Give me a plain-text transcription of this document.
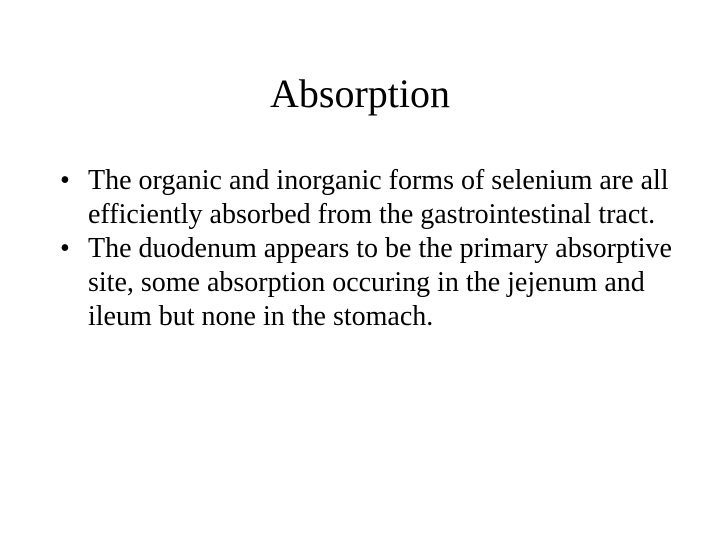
Absorption
• The organic and inorganic forms of selenium are all efficiently absorbed from the gastrointestinal tract.
• The duodenum appears to be the primary absorptive site, some absorption occuring in the jejenum and ileum but none in the stomach.
